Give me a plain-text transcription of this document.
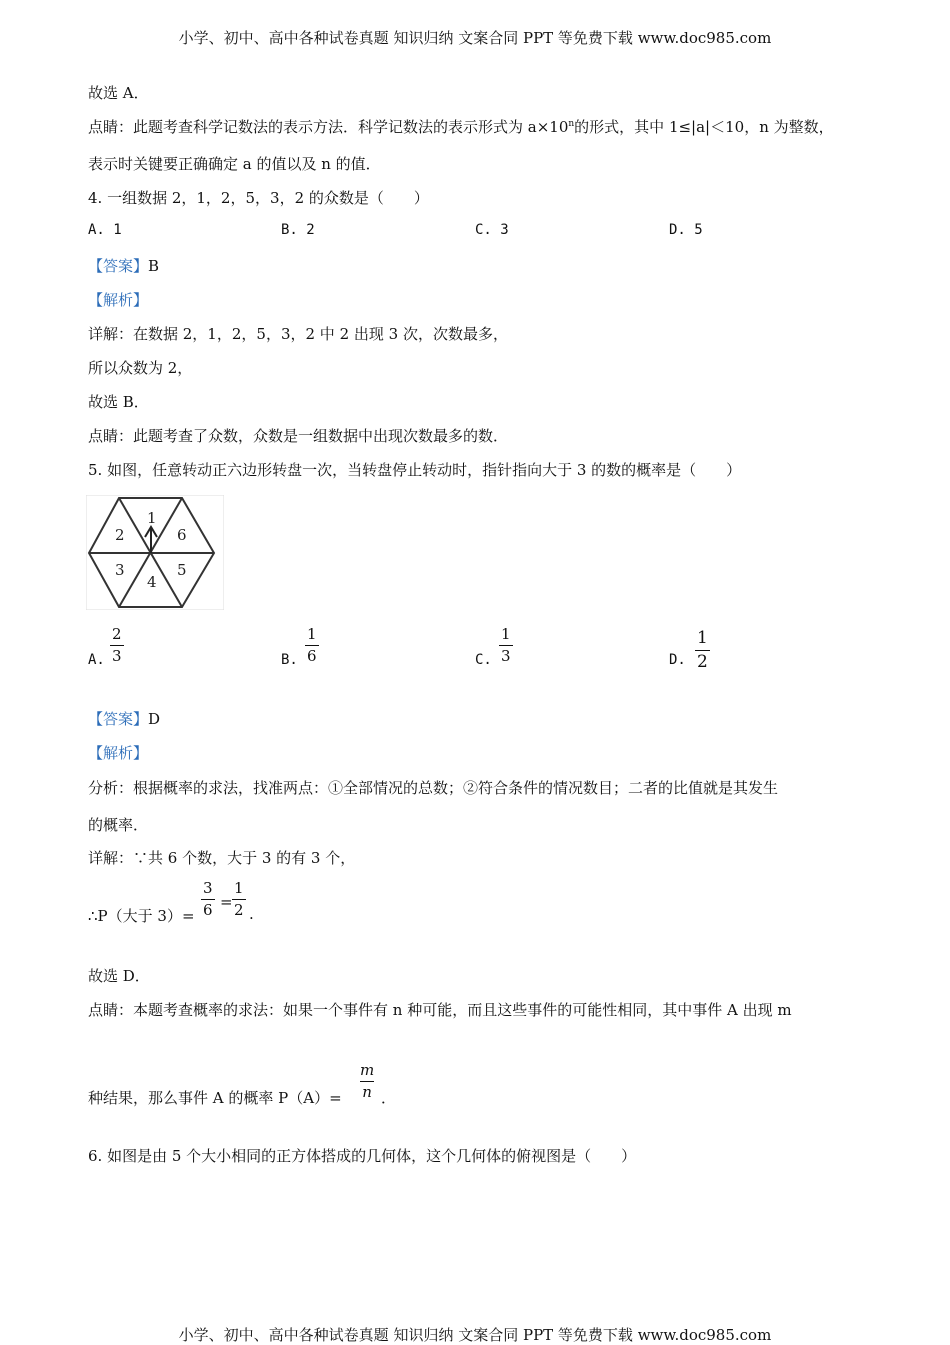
小学、初中、高中各种试卷真题 知识归纳 文案合同 PPT 等免费下载 www.doc985.com
故选 A．
点睛：此题考查科学记数法的表示方法．科学记数法的表示形式为 $a\times 10^n$的形式，其中 1≤|a|＜10，n 为整数，
表示时关键要正确确定 a 的值以及 n 的值．
4. 一组数据 2，1，2，5，3，2 的众数是（　　）
A. 1	B. 2	C. 3	D. 5
【答案】B
【解析】
详解：在数据 2，1，2，5，3，2 中 2 出现 3 次，次数最多，
所以众数为 2，
故选 B．
点睛：此题考查了众数，众数是一组数据中出现次数最多的数．
5. 如图，任意转动正六边形转盘一次，当转盘停止转动时，指针指向大于 3 的数的概率是（　　）
1
6
5
4
3
2
A. $\frac{2}{3}$	B. $\frac{1}{6}$	C. $\frac{1}{3}$	D. $\frac{1}{2}$
【答案】D
【解析】
分析：根据概率的求法，找准两点：①全部情况的总数；②符合条件的情况数目；二者的比值就是其发生
的概率．
详解：∵共 6 个数，大于 3 的有 3 个，
∴P（大于 $3)= \frac{3}{6} = \frac{1}{2}$ .
故选 D．
点睛：本题考查概率的求法：如果一个事件有 n 种可能，而且这些事件的可能性相同，其中事件 A 出现 m
种结果，那么事件 A 的概率 $P(A)= \frac{m}{n}$ ．
6. 如图是由 5 个大小相同的正方体搭成的几何体，这个几何体的俯视图是（　　）
小学、初中、高中各种试卷真题 知识归纳 文案合同 PPT 等免费下载 www.doc985.com
